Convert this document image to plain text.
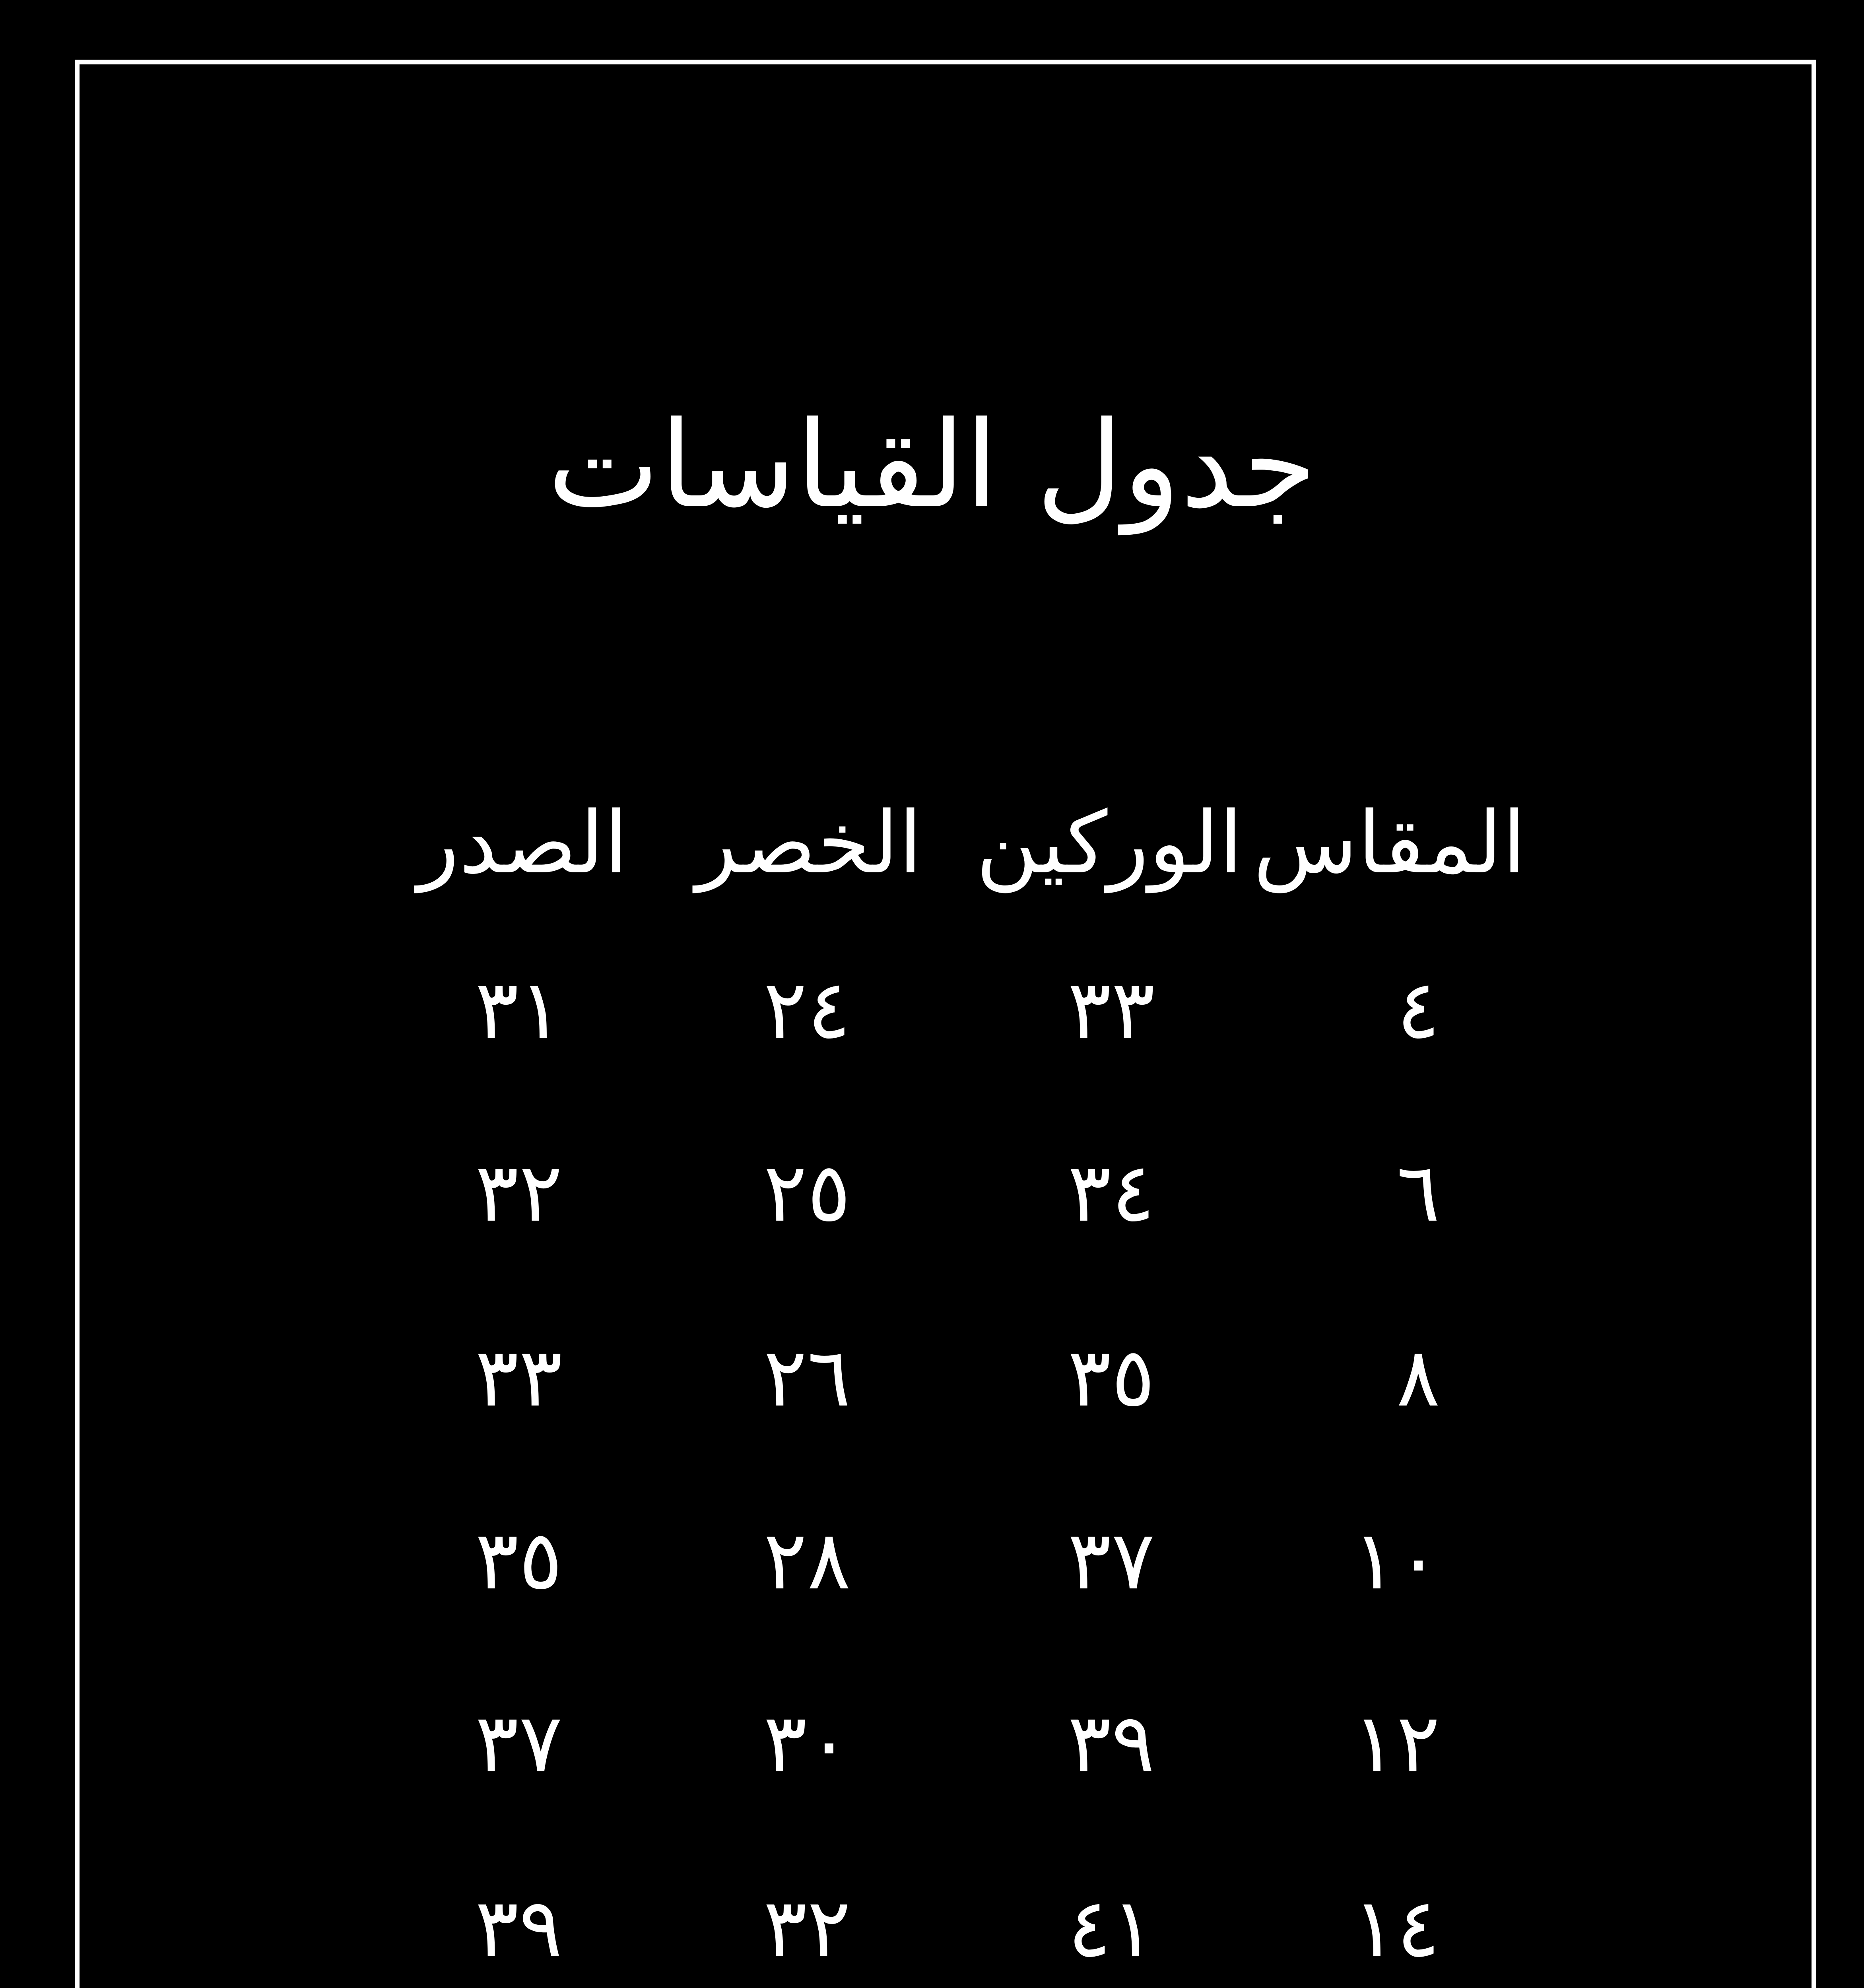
جدول القياسات
المقاس
الوركين
الخصر
الصدر
٤
٣٣
٢٤
٣١
٦
٣٤
٢٥
٣٢
٨
٣٥
٢٦
٣٣
١٠
٣٧
٢٨
٣٥
١٢
٣٩
٣٠
٣٧
١٤
٤١
٣٢
٣٩
